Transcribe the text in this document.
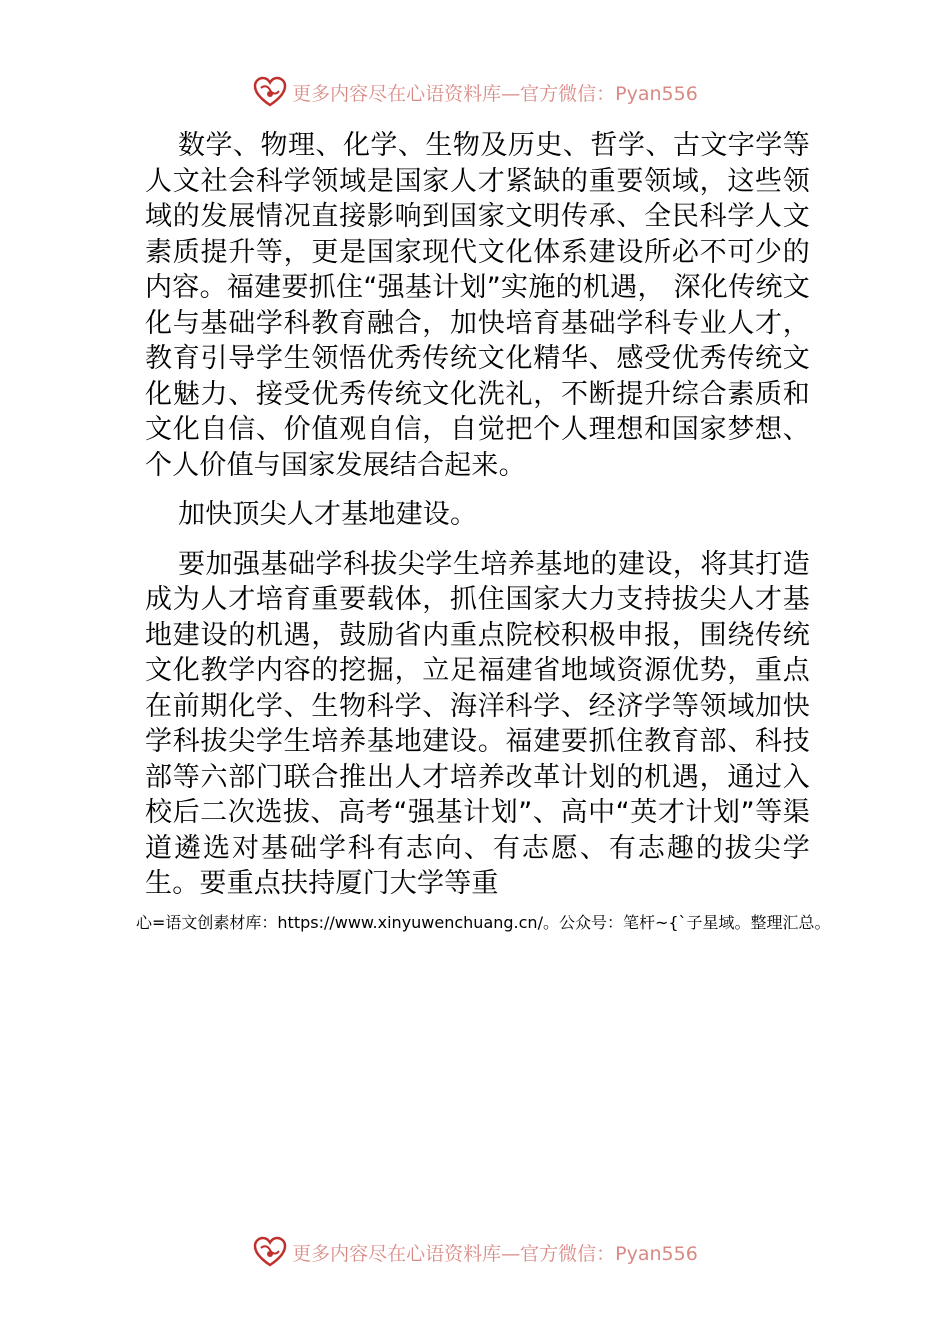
更多内容尽在心语资料库—官方微信：Pyan556

数学、物理、化学、生物及历史、哲学、古文字学等人文社会科学领域是国家人才紧缺的重要领域，这些领域的发展情况直接影响到国家文明传承、全民科学人文素质提升等，更是国家现代文化体系建设所必不可少的内容。福建要抓住“强基计划”实施的机遇， 深化传统文化与基础学科教育融合，加快培育基础学科专业人才，教育引导学生领悟优秀传统文化精华、感受优秀传统文化魅力、接受优秀传统文化洗礼，不断提升综合素质和文化自信、价值观自信，自觉把个人理想和国家梦想、个人价值与国家发展结合起来。

加快顶尖人才基地建设。

要加强基础学科拔尖学生培养基地的建设，将其打造成为人才培育重要载体，抓住国家大力支持拔尖人才基地建设的机遇，鼓励省内重点院校积极申报，围绕传统文化教学内容的挖掘，立足福建省地域资源优势，重点在前期化学、生物科学、海洋科学、经济学等领域加快学科拔尖学生培养基地建设。福建要抓住教育部、科技部等六部门联合推出人才培养改革计划的机遇，通过入校后二次选拔、高考“强基计划”、高中“英才计划”等渠道遴选对基础学科有志向、有志愿、有志趣的拔尖学生。要重点扶持厦门大学等重

心=语文创素材库：https://www.xinyuwenchuang.cn/。公众号：笔杆~{`子星域。整理汇总。
更多内容尽在心语资料库—官方微信：Pyan556
